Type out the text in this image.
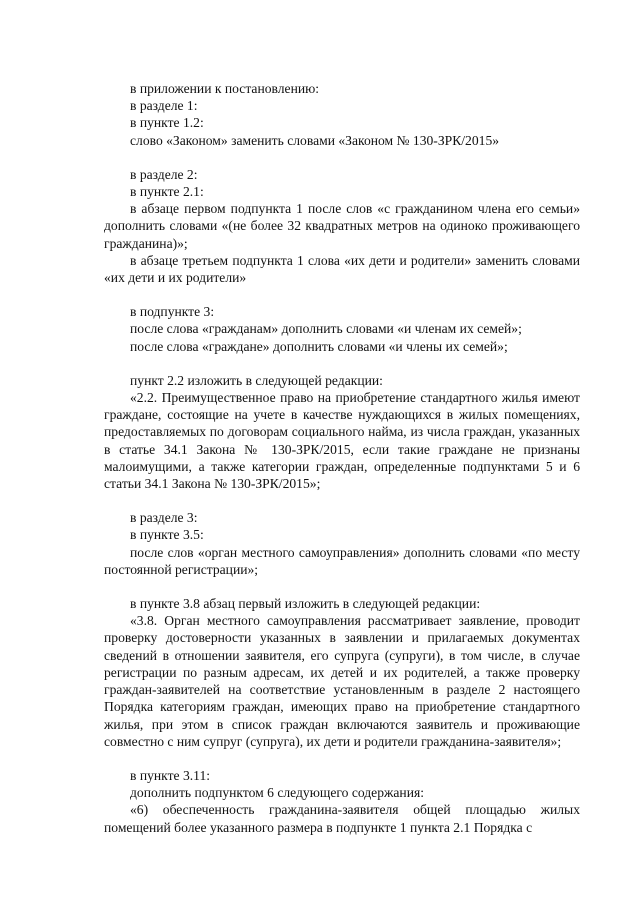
в приложении к постановлению:

в разделе 1:

в пункте 1.2:

слово «Законом» заменить словами «Законом № 130-ЗРК/2015»

в разделе 2:

в пункте 2.1:

в абзаце первом подпункта 1 после слов «с гражданином члена его семьи» дополнить словами «(не более 32 квадратных метров на одиноко проживающего гражданина)»;

в абзаце третьем подпункта 1 слова «их дети и родители» заменить словами «их дети и их родители»

в подпункте 3:

после слова «гражданам» дополнить словами «и членам их семей»;

после слова «граждане» дополнить словами «и члены их семей»;

пункт 2.2 изложить в следующей редакции:

«2.2. Преимущественное право на приобретение стандартного жилья имеют граждане, состоящие на учете в качестве нуждающихся в жилых помещениях, предоставляемых по договорам социального найма, из числа граждан, указанных в статье 34.1 Закона № 130-ЗРК/2015, если такие граждане не признаны малоимущими, а также категории граждан, определенные подпунктами 5 и 6 статьи 34.1 Закона № 130-ЗРК/2015»;

в разделе 3:

в пункте 3.5:

после слов «орган местного самоуправления» дополнить словами «по месту постоянной регистрации»;

в пункте 3.8 абзац первый изложить в следующей редакции:

«3.8. Орган местного самоуправления рассматривает заявление, проводит проверку достоверности указанных в заявлении и прилагаемых документах сведений в отношении заявителя, его супруга (супруги), в том числе, в случае регистрации по разным адресам, их детей и их родителей, а также проверку граждан-заявителей на соответствие установленным в разделе 2 настоящего Порядка категориям граждан, имеющих право на приобретение стандартного жилья, при этом в список граждан включаются заявитель и проживающие совместно с ним супруг (супруга), их дети и родители гражданина-заявителя»;

в пункте 3.11:

дополнить подпунктом 6 следующего содержания:

«6) обеспеченность гражданина-заявителя общей площадью жилых помещений более указанного размера в подпункте 1 пункта 2.1 Порядка с
